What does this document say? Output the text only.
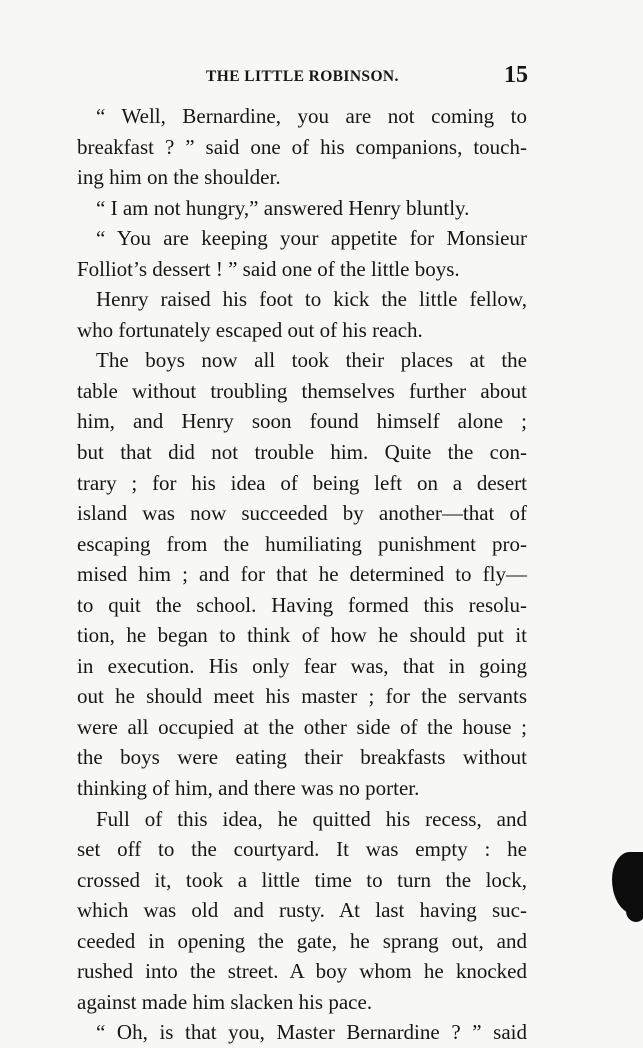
THE LITTLE ROBINSON.	15
“ Well, Bernardine, you are not coming to
breakfast ? ” said one of his companions, touch-
ing him on the shoulder.
“ I am not hungry,” answered Henry bluntly.
“ You are keeping your appetite for Monsieur
Folliot’s dessert ! ” said one of the little boys.
Henry raised his foot to kick the little fellow,
who fortunately escaped out of his reach.
The boys now all took their places at the
table without troubling themselves further about
him, and Henry soon found himself alone ;
but that did not trouble him. Quite the con-
trary ; for his idea of being left on a desert
island was now succeeded by another—that of
escaping from the humiliating punishment pro-
mised him ; and for that he determined to fly—
to quit the school. Having formed this resolu-
tion, he began to think of how he should put it
in execution. His only fear was, that in going
out he should meet his master ; for the servants
were all occupied at the other side of the house ;
the boys were eating their breakfasts without
thinking of him, and there was no porter.
Full of this idea, he quitted his recess, and
set off to the courtyard. It was empty : he
crossed it, took a little time to turn the lock,
which was old and rusty. At last having suc-
ceeded in opening the gate, he sprang out, and
rushed into the street. A boy whom he knocked
against made him slacken his pace.
“ Oh, is that you, Master Bernardine ? ” said
